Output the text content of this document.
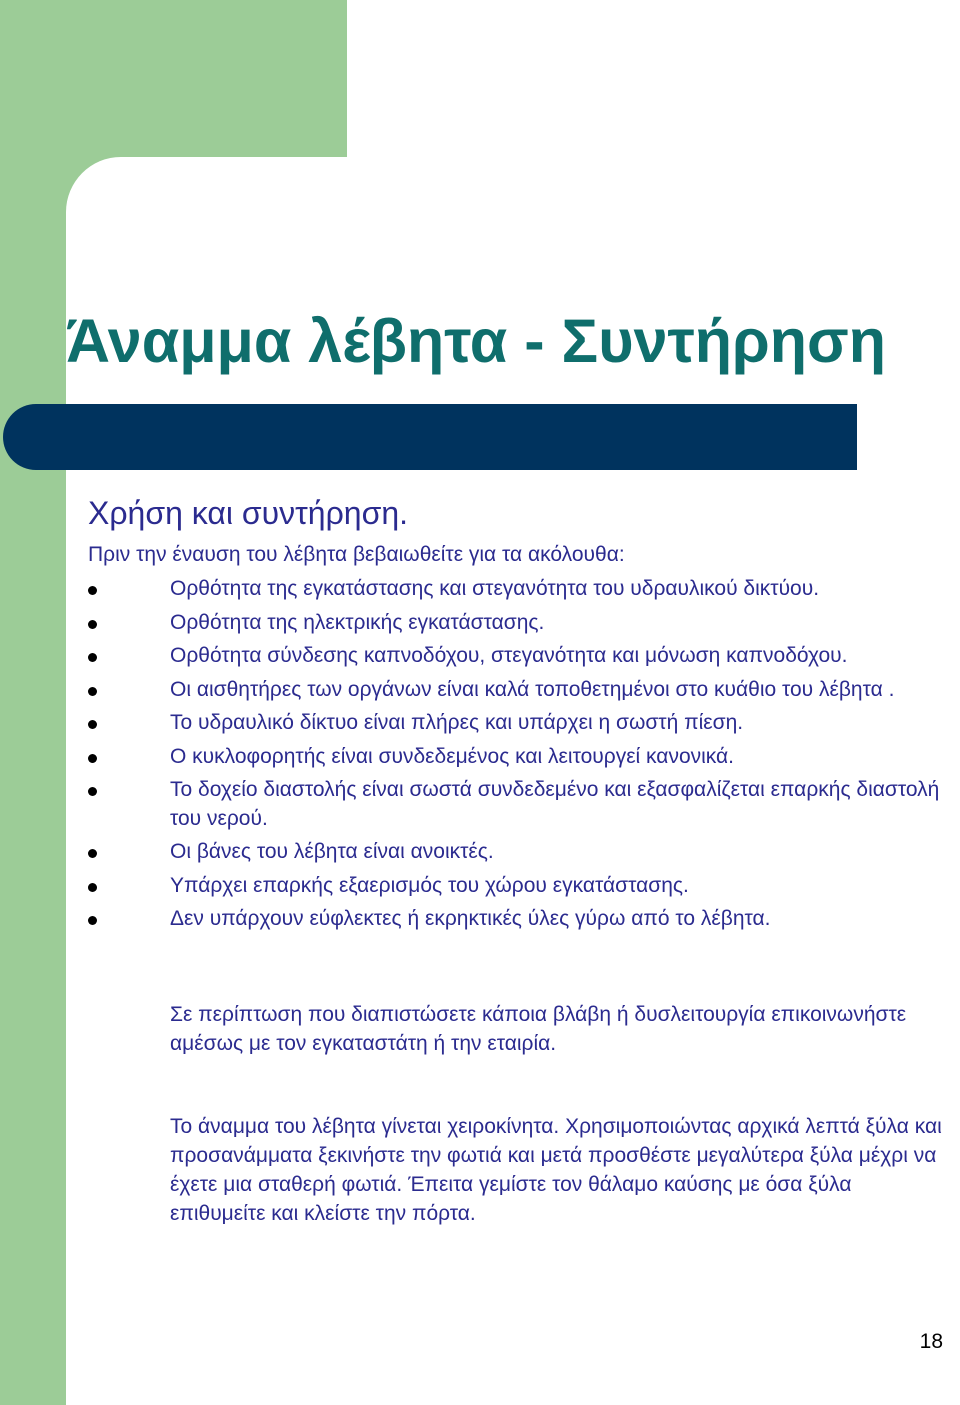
Άναμμα λέβητα - Συντήρηση
Χρήση και συντήρηση.

Πριν την έναυση του λέβητα βεβαιωθείτε για τα ακόλουθα:

Ορθότητα της εγκατάστασης και στεγανότητα του υδραυλικού δικτύου.
Ορθότητα της ηλεκτρικής εγκατάστασης.
Ορθότητα σύνδεσης καπνοδόχου, στεγανότητα και μόνωση καπνοδόχου.
Οι αισθητήρες των οργάνων είναι καλά τοποθετημένοι στο κυάθιο του λέβητα .
Το υδραυλικό δίκτυο είναι πλήρες και υπάρχει η σωστή πίεση.
Ο κυκλοφορητής είναι συνδεδεμένος και λειτουργεί κανονικά.
Το δοχείο διαστολής είναι σωστά συνδεδεμένο και εξασφαλίζεται επαρκής διαστολή του νερού.
Οι βάνες του λέβητα είναι ανοικτές.
Υπάρχει επαρκής εξαερισμός του χώρου εγκατάστασης.
Δεν υπάρχουν εύφλεκτες ή εκρηκτικές ύλες γύρω από το λέβητα.

Σε περίπτωση που διαπιστώσετε κάποια βλάβη ή δυσλειτουργία επικοινωνήστε αμέσως με τον εγκαταστάτη ή την εταιρία.

Το άναμμα του λέβητα γίνεται χειροκίνητα. Χρησιμοποιώντας αρχικά λεπτά ξύλα και προσανάμματα ξεκινήστε την φωτιά και μετά προσθέστε μεγαλύτερα ξύλα μέχρι να έχετε μια σταθερή φωτιά. Έπειτα γεμίστε τον θάλαμο καύσης με όσα ξύλα επιθυμείτε και κλείστε την πόρτα.

18
